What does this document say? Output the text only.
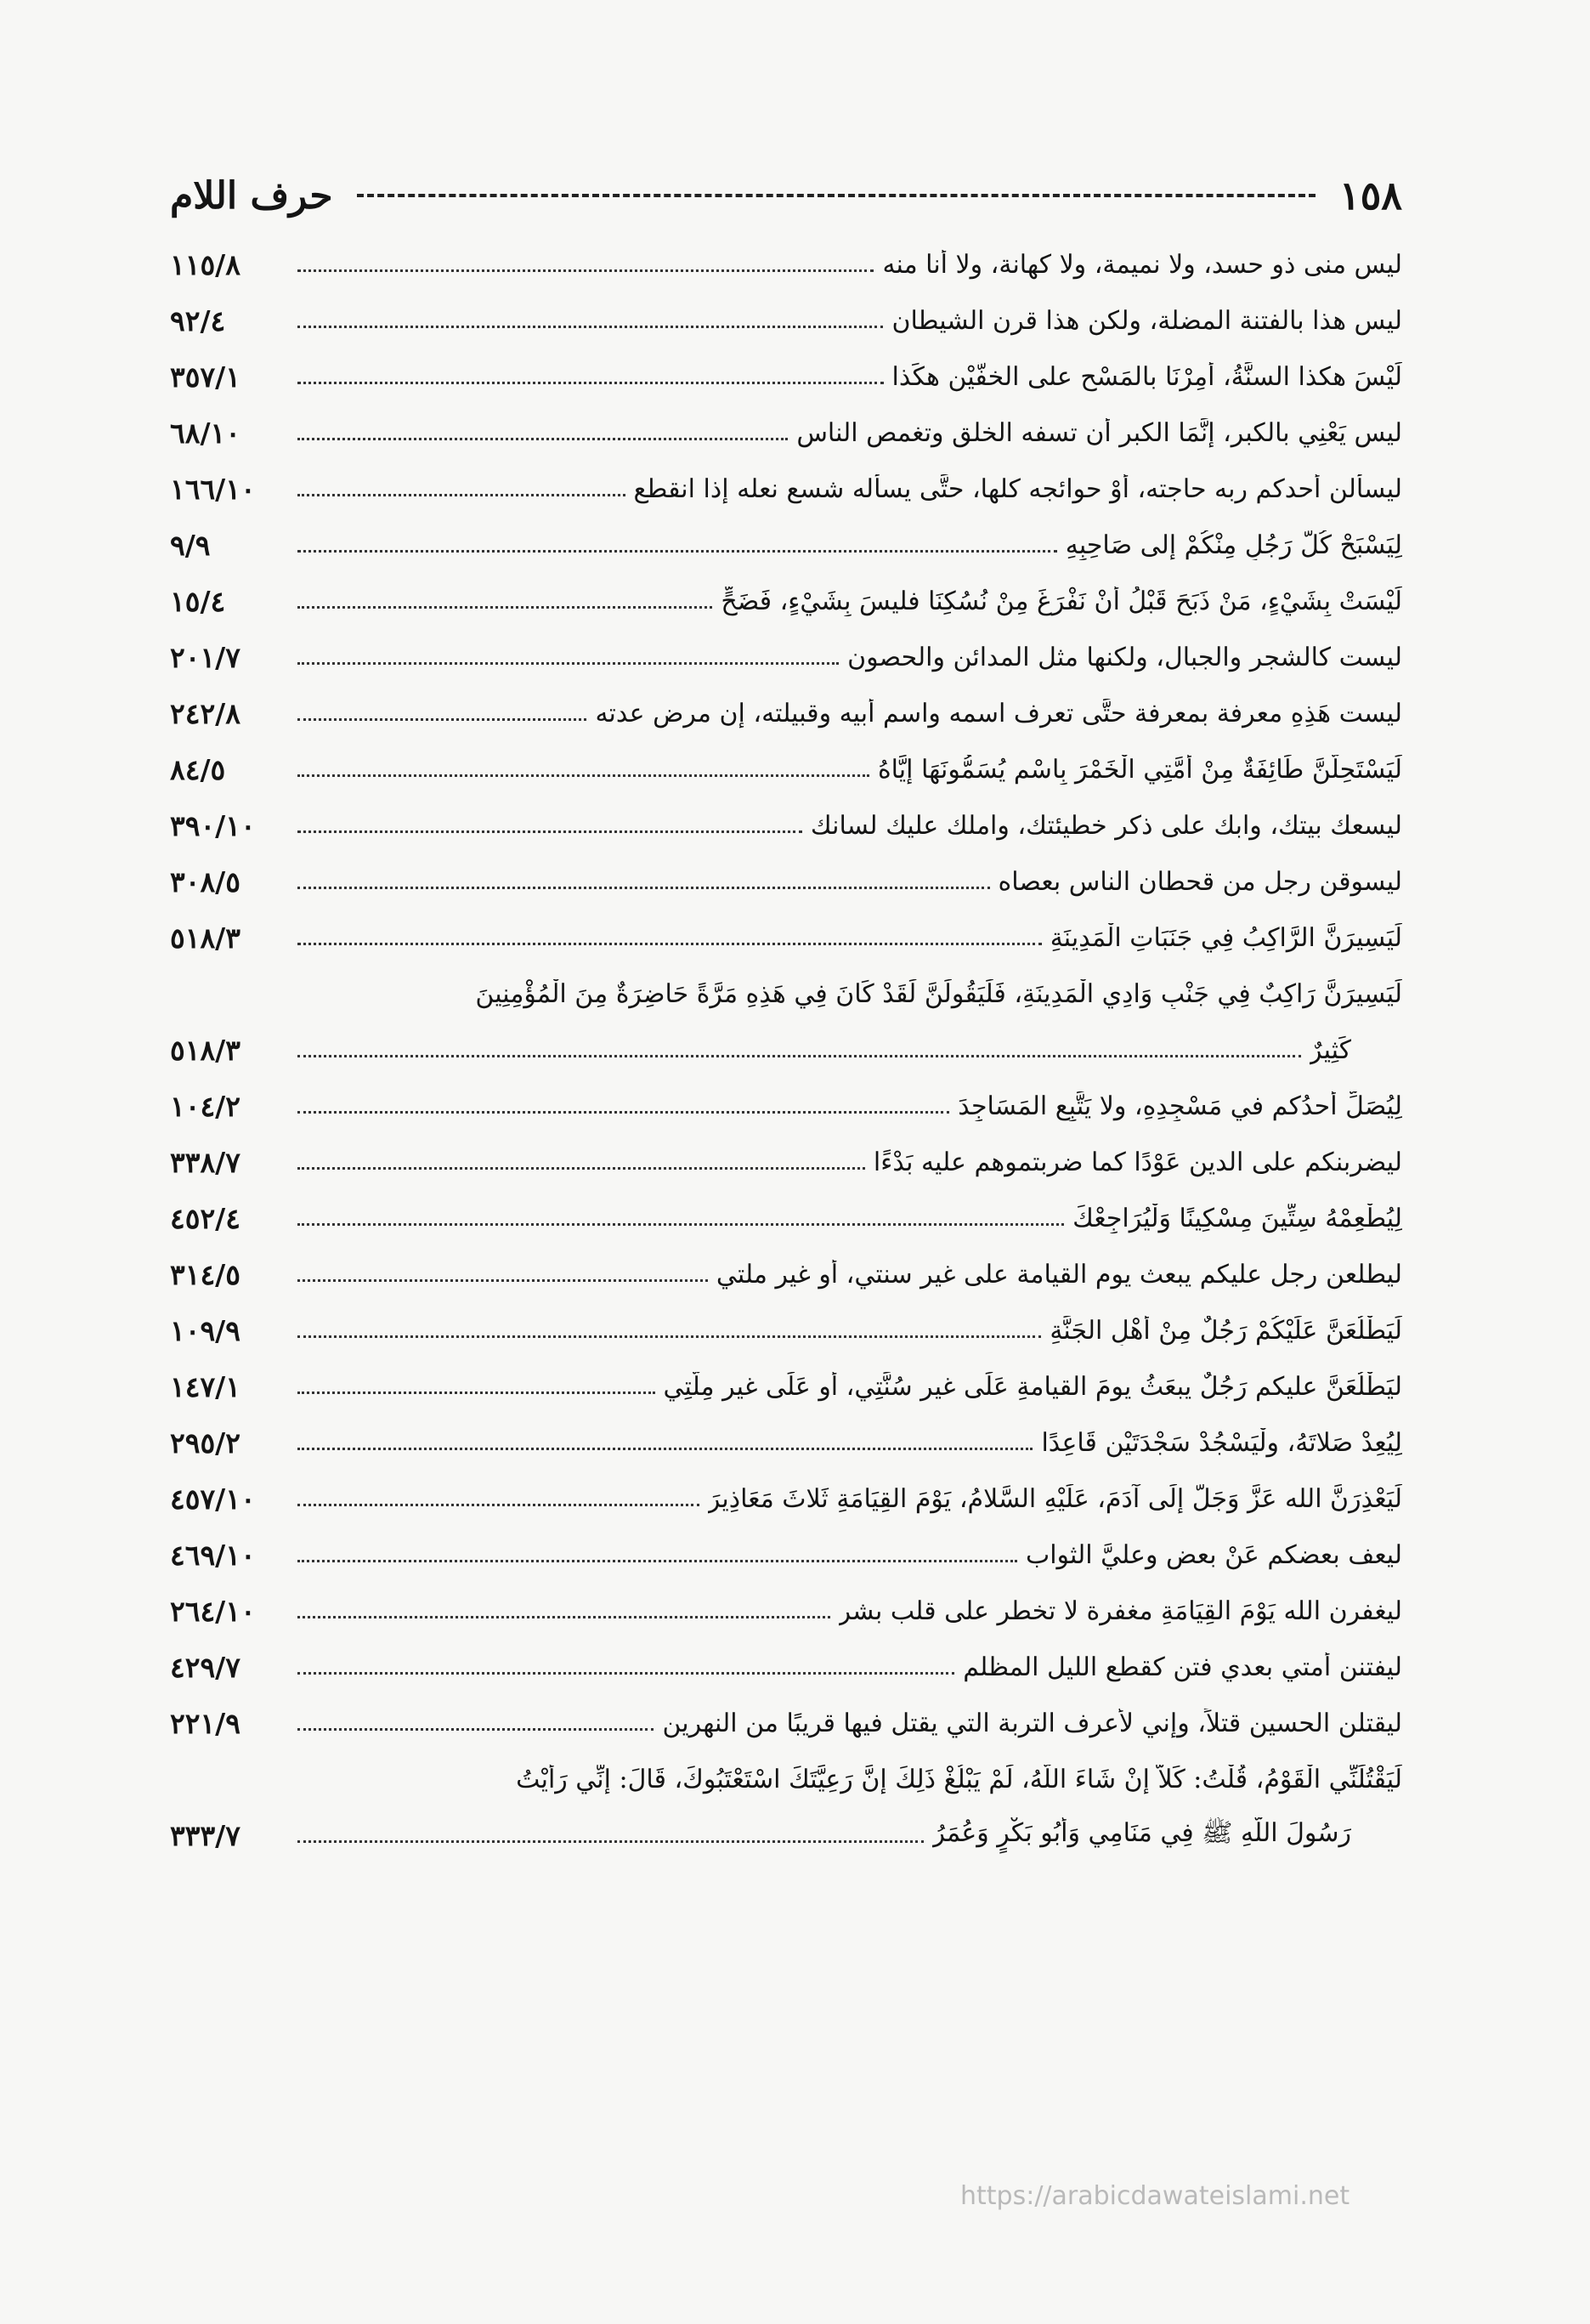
١٥٨
حرف اللام
ليس منى ذو حسد، ولا نميمة، ولا كهانة، ولا أنا منه
١١٥/٨
ليس هذا بالفتنة المضلة، ولكن هذا قرن الشيطان
٩٢/٤
لَيْسَ هكذا السنَّةُ، أمِرْنَا بالمَسْحِ على الخفَّيْنِ هكَذا
٣٥٧/١
ليس يَعْنِي بالكبر، إنَّمَا الكبر أن تسفه الخلق وتغمص الناس
٦٨/١٠
ليسألن أحدكم ربه حاجته، أوْ حوائجه كلها، حتَّى يسأله شسع نعله إذا انقطع
١٦٦/١٠
لِيَسْبَحْ كُلُّ رَجُلٍ مِنْكُمْ إلى صَاحِبِهِ
٩/٩
لَيْسَتْ بِشَيْءٍ، مَنْ ذَبَحَ قَبْلُ أنْ نَفْرَغَ مِنْ نُسُكِنَا فليسَ بِشَيْءٍ، فَضَحٍّ
١٥/٤
ليست كالشجر والجبال، ولكنها مثل المدائن والحصون
٢٠١/٧
ليست هَذِهِ معرفة بمعرفة حتَّى تعرف اسمه واسم أبيه وقبيلته، إن مرض عدته
٢٤٢/٨
لَيَسْتَحِلَّنَّ طَائِفَةٌ مِنْ أُمَّتِي الْخَمْرَ بِاسْمٍ يُسَمُّونَهَا إيَّاهُ
٨٤/٥
ليسعك بيتك، وابك على ذكر خطيئتك، واملك عليك لسانك
٣٩٠/١٠
ليسوقن رجل من قحطان الناس بعصاه
٣٠٨/٥
لَيَسِيرَنَّ الرَّاكِبُ فِي جَنَبَاتِ الْمَدِينَةِ
٥١٨/٣
لَيَسِيرَنَّ رَاكِبٌ فِي جَنْبِ وَادِي الْمَدِينَةِ، فَلَيَقُولَنَّ لَقَدْ كَانَ فِي هَذِهِ مَرَّةً حَاضِرَةٌ مِنَ الْمُؤْمِنِينَ
كَثِيرٌ
٥١٨/٣
لِيُصَلِّ أحدُكم في مَسْجِدِهِ، ولا يَتَّبِعِ المَسَاجِدَ
١٠٤/٢
ليضربنكم على الدين عَوْدًا كما ضربتموهم عليه بَدْءًا
٣٣٨/٧
لِيُطْعِمْهُ سِتِّينَ مِسْكِينًا وَلْيُرَاجِعْكَ
٤٥٢/٤
ليطلعن رجل عليكم يبعث يوم القيامة على غير سنتي، أو غير ملتي
٣١٤/٥
لَيَطْلُعَنَّ عَلَيْكُمْ رَجُلٌ مِنْ أهْلِ الجَنَّةِ
١٠٩/٩
ليَطْلُعَنَّ عليكم رَجُلٌ يبعَثُ يومَ القيامةِ عَلَى غيرِ سُنَّتِي، أو عَلَى غيرِ مِلَّتِي
١٤٧/١
لِيُعِدْ صَلاتَهُ، ولْيَسْجُدْ سَجْدَتَيْنِ قَاعِدًا
٢٩٥/٢
لَيَعْذِرَنَّ الله عَزَّ وَجَلَّ إلَى آدَمَ، عَلَيْهِ السَّلامُ، يَوْمَ القِيَامَةِ ثَلاثَ مَعَاذِيرَ
٤٥٧/١٠
ليعف بعضكم عَنْ بعض وعليَّ الثواب
٤٦٩/١٠
ليغفرن الله يَوْمَ القِيَامَةِ مغفرة لا تخطر على قلب بشر
٢٦٤/١٠
ليفتنن أمتي بعدي فتن كقطع الليل المظلم
٤٢٩/٧
ليقتلن الحسين قتلاً، وإني لأعرف التربة التي يقتل فيها قريبًا من النهرين
٢٢١/٩
لَيَقْتُلَنِّي الْقَوْمُ، قُلْتُ: كَلاَّ إنْ شَاءَ اللَّهُ، لَمْ يَبْلُغْ ذَلِكَ إنَّ رَعِيَّتَكَ اسْتَعْتَبُوكَ، قَالَ: إنِّي رَأَيْتُ
رَسُولَ اللَّهِ ﷺ فِي مَنَامِي وَأبُو بَكْرٍ وَعُمَرُ
٣٣٣/٧
https://arabicdawateislami.net
